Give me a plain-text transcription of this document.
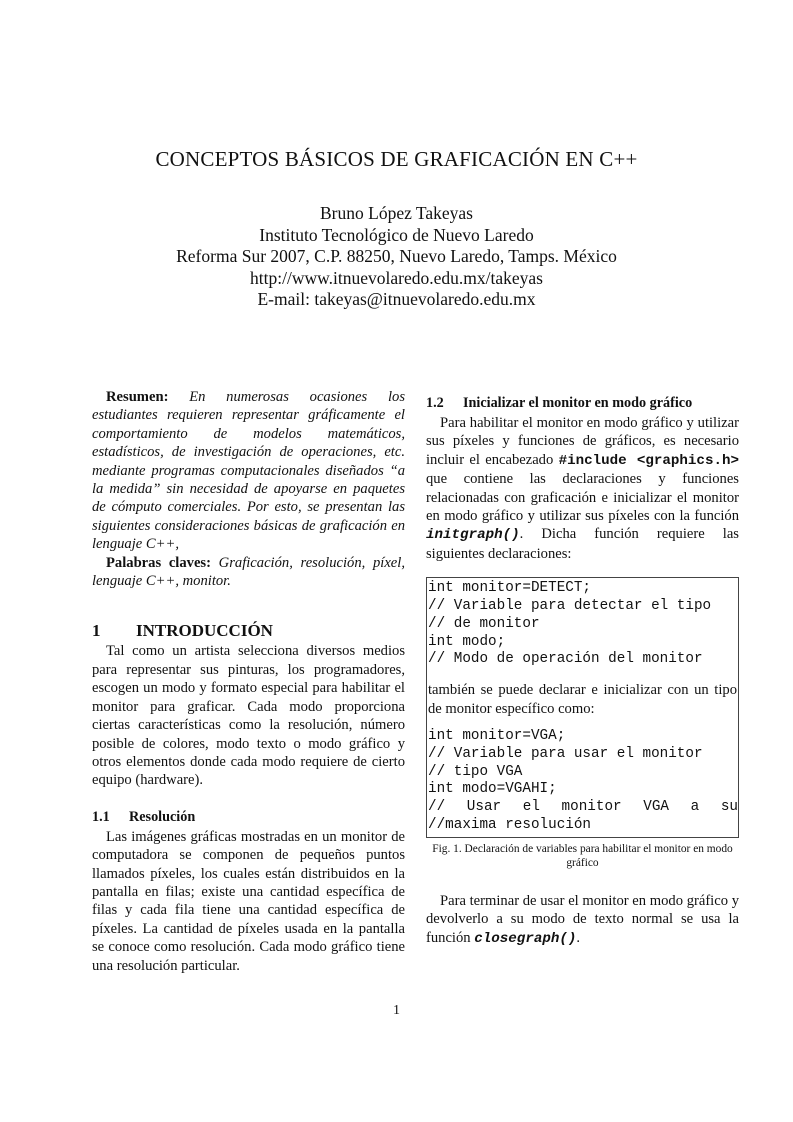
CONCEPTOS BÁSICOS DE GRAFICACIÓN EN C++
Bruno López Takeyas
Instituto Tecnológico de Nuevo Laredo
Reforma Sur 2007, C.P. 88250, Nuevo Laredo, Tamps. México
http://www.itnuevolaredo.edu.mx/takeyas
E-mail: takeyas@itnuevolaredo.edu.mx

Resumen: En numerosas ocasiones los estudiantes requieren representar gráficamente el comportamiento de modelos matemáticos, estadísticos, de investigación de operaciones, etc. mediante programas computacionales diseñados “a la medida” sin necesidad de apoyarse en paquetes de cómputo comerciales. Por esto, se presentan las siguientes consideraciones básicas de graficación en lenguaje C++,

Palabras claves: Graficación, resolución, píxel, lenguaje C++, monitor.

1 INTRODUCCIÓN

Tal como un artista selecciona diversos medios para representar sus pinturas, los programadores, escogen un modo y formato especial para habilitar el monitor para graficar. Cada modo proporciona ciertas características como la resolución, número posible de colores, modo texto o modo gráfico y otros elementos donde cada modo requiere de cierto equipo (hardware).

1.1 Resolución

Las imágenes gráficas mostradas en un monitor de computadora se componen de pequeños puntos llamados píxeles, los cuales están distribuidos en la pantalla en filas; existe una cantidad específica de filas y cada fila tiene una cantidad específica de píxeles. La cantidad de píxeles usada en la pantalla se conoce como resolución. Cada modo gráfico tiene una resolución particular.

1.2 Inicializar el monitor en modo gráfico

Para habilitar el monitor en modo gráfico y utilizar sus píxeles y funciones de gráficos, es necesario incluir el encabezado #include <graphics.h> que contiene las declaraciones y funciones relacionadas con graficación e inicializar el monitor en modo gráfico y utilizar sus píxeles con la función initgraph(). Dicha función requiere las siguientes declaraciones:

int monitor=DETECT;
// Variable para detectar el tipo
// de monitor
int modo;
// Modo de operación del monitor

también se puede declarar e inicializar con un tipo de monitor específico como:

int monitor=VGA;
// Variable para usar el monitor
// tipo VGA
int modo=VGAHI;
// Usar el monitor VGA a su
//maxima resolución
Fig. 1. Declaración de variables para habilitar el monitor en modo gráfico

Para terminar de usar el monitor en modo gráfico y devolverlo a su modo de texto normal se usa la función closegraph().

1
